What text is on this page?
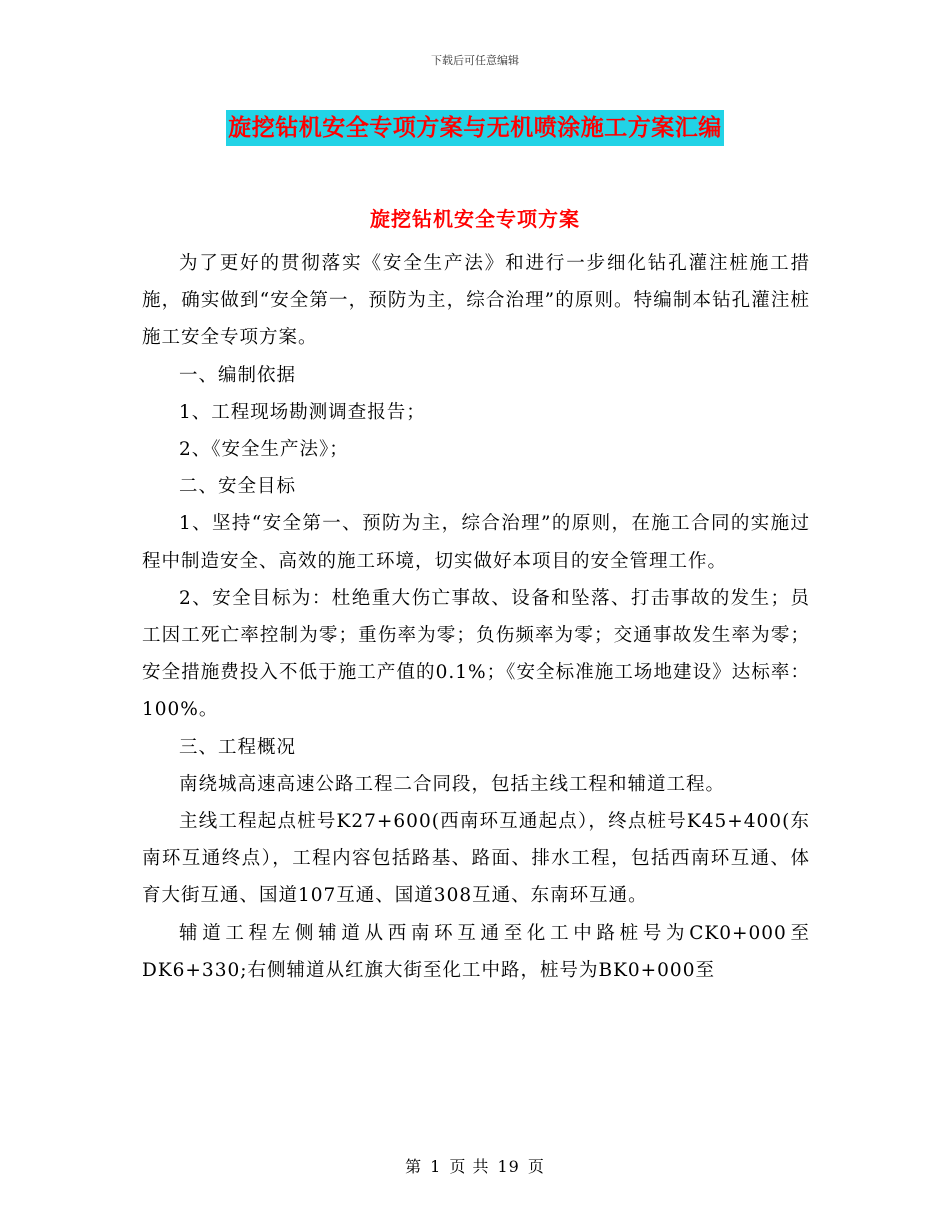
下载后可任意编辑
旋挖钻机安全专项方案与无机喷涂施工方案汇编
旋挖钻机安全专项方案

为了更好的贯彻落实《安全生产法》和进行一步细化钻孔灌注桩施工措施，确实做到“安全第一，预防为主，综合治理”的原则。特编制本钻孔灌注桩施工安全专项方案。

一、编制依据

1、工程现场勘测调查报告；

2、《安全生产法》；

二、安全目标

1、坚持“安全第一、预防为主，综合治理”的原则，在施工合同的实施过程中制造安全、高效的施工环境，切实做好本项目的安全管理工作。

2、安全目标为：杜绝重大伤亡事故、设备和坠落、打击事故的发生；员工因工死亡率控制为零；重伤率为零；负伤频率为零；交通事故发生率为零；安全措施费投入不低于施工产值的0.1%；《安全标准施工场地建设》达标率：100%。

三、工程概况

南绕城高速高速公路工程二合同段，包括主线工程和辅道工程。

主线工程起点桩号K27+600(西南环互通起点），终点桩号K45+400(东南环互通终点），工程内容包括路基、路面、排水工程，包括西南环互通、体育大街互通、国道107互通、国道308互通、东南环互通。

辅道工程左侧辅道从西南环互通至化工中路桩号为CK0+000至DK6+330;右侧辅道从红旗大街至化工中路，桩号为BK0+000至

第 1 页 共 19 页
